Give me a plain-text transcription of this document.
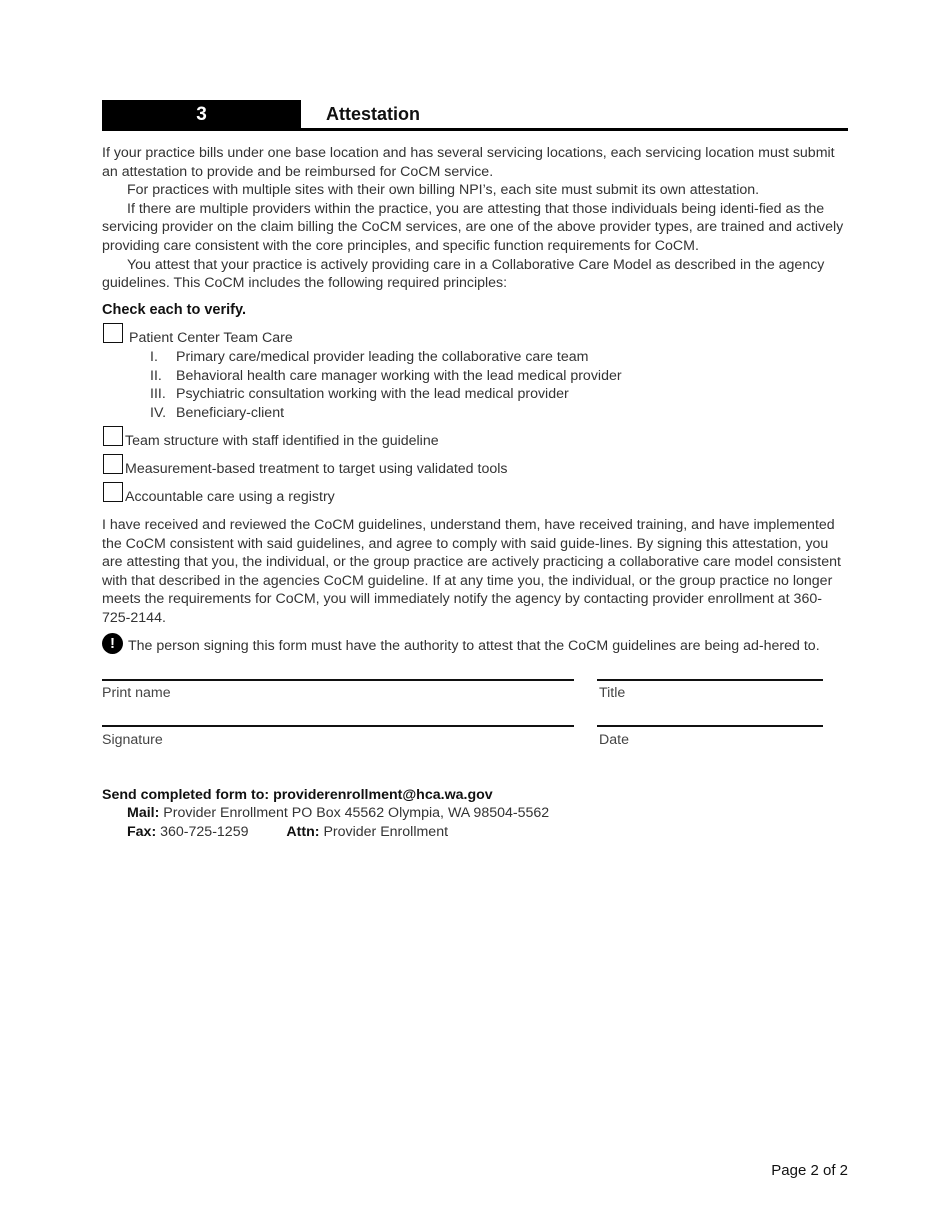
3	Attestation
If your practice bills under one base location and has several servicing locations, each servicing location must submit an attestation to provide and be reimbursed for CoCM service.
For practices with multiple sites with their own billing NPI’s, each site must submit its own attestation.
If there are multiple providers within the practice, you are attesting that those individuals being identi-fied as the servicing provider on the claim billing the CoCM services, are one of the above provider types, are trained and actively providing care consistent with the core principles, and specific function requirements for CoCM.
You attest that your practice is actively providing care in a Collaborative Care Model as described in the agency guidelines. This CoCM includes the following required principles:
Check each to verify.
Patient Center Team Care
I. Primary care/medical provider leading the collaborative care team
II. Behavioral health care manager working with the lead medical provider
III. Psychiatric consultation working with the lead medical provider
IV. Beneficiary-client
Team structure with staff identified in the guideline
Measurement-based treatment to target using validated tools
Accountable care using a registry
I have received and reviewed the CoCM guidelines, understand them, have received training, and have implemented the CoCM consistent with said guidelines, and agree to comply with said guide-lines. By signing this attestation, you are attesting that you, the individual, or the group practice are actively practicing a collaborative care model consistent with that described in the agencies CoCM guideline. If at any time you, the individual, or the group practice no longer meets the requirements for CoCM, you will immediately notify the agency by contacting provider enrollment at 360-725-2144.
! The person signing this form must have the authority to attest that the CoCM guidelines are being ad-hered to.
Print name	Title
Signature	Date
Send completed form to: providerenrollment@hca.wa.gov
Mail: Provider Enrollment PO Box 45562 Olympia, WA 98504-5562
Fax: 360-725-1259	Attn: Provider Enrollment
Page 2 of 2
